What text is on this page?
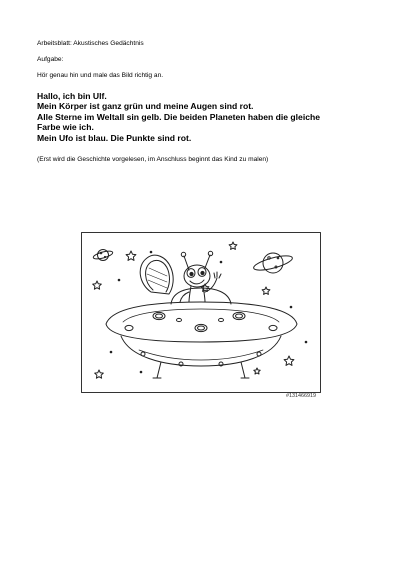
Arbeitsblatt: Akustisches Gedächtnis
Aufgabe:
Hör genau hin und male das Bild richtig an.
Hallo, ich bin Ulf.
Mein Körper ist ganz grün und meine Augen sind rot.
Alle Sterne im Weltall sin gelb. Die beiden Planeten haben die gleiche
Farbe wie ich.
Mein Ufo ist blau. Die Punkte sind rot.
(Erst wird die Geschichte vorgelesen, im Anschluss beginnt das Kind zu malen)
#131466919
